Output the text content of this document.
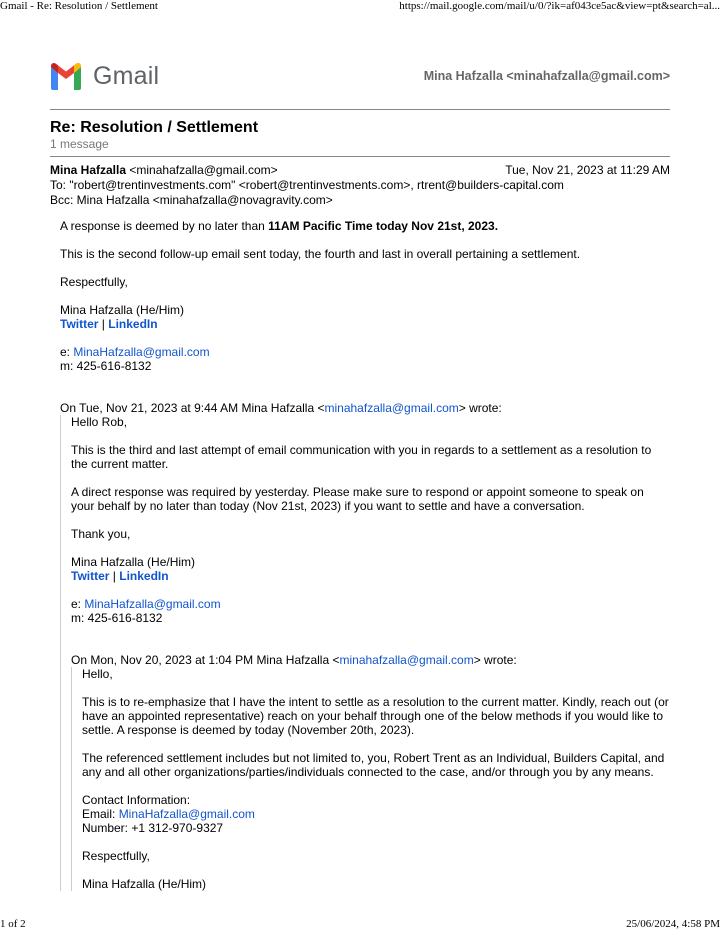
Gmail - Re: Resolution / Settlement	https://mail.google.com/mail/u/0/?ik=af043ce5ac&view=pt&search=al...
Gmail	Mina Hafzalla <minahafzalla@gmail.com>
Re: Resolution / Settlement
1 message
Mina Hafzalla <minahafzalla@gmail.com>	Tue, Nov 21, 2023 at 11:29 AM
To: "robert@trentinvestments.com" <robert@trentinvestments.com>, rtrent@builders-capital.com
Bcc: Mina Hafzalla <minahafzalla@novagravity.com>

A response is deemed by no later than 11AM Pacific Time today Nov 21st, 2023.

This is the second follow-up email sent today, the fourth and last in overall pertaining a settlement.

Respectfully,

Mina Hafzalla (He/Him)
Twitter | LinkedIn
e: MinaHafzalla@gmail.com
m: 425-616-8132
On Tue, Nov 21, 2023 at 9:44 AM Mina Hafzalla <minahafzalla@gmail.com> wrote:

Hello Rob,

This is the third and last attempt of email communication with you in regards to a settlement as a resolution to the current matter.

A direct response was required by yesterday. Please make sure to respond or appoint someone to speak on your behalf by no later than today (Nov 21st, 2023) if you want to settle and have a conversation.

Thank you,

Mina Hafzalla (He/Him)
Twitter | LinkedIn
e: MinaHafzalla@gmail.com
m: 425-616-8132
On Mon, Nov 20, 2023 at 1:04 PM Mina Hafzalla <minahafzalla@gmail.com> wrote:

Hello,

This is to re-emphasize that I have the intent to settle as a resolution to the current matter. Kindly, reach out (or have an appointed representative) reach on your behalf through one of the below methods if you would like to settle. A response is deemed by today (November 20th, 2023).

The referenced settlement includes but not limited to, you, Robert Trent as an Individual, Builders Capital, and any and all other organizations/parties/individuals connected to the case, and/or through you by any means.

Contact Information:
Email: MinaHafzalla@gmail.com

Number: +1 312-970-9327

Respectfully,

Mina Hafzalla (He/Him)
1 of 2	25/06/2024, 4:58 PM
